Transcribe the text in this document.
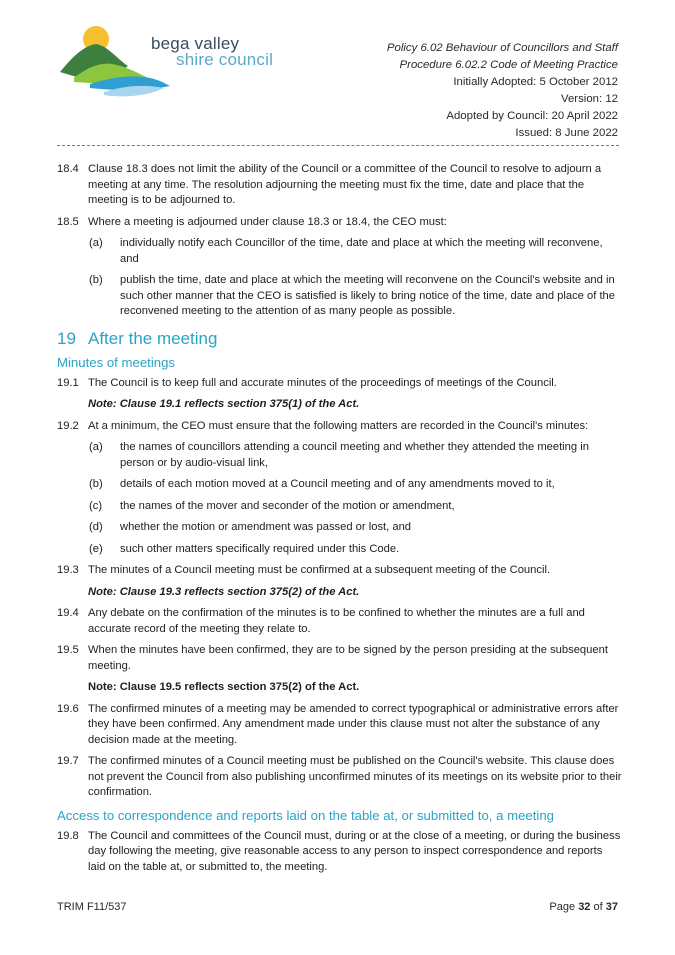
bega valley
shire council
Policy 6.02 Behaviour of Councillors and Staff
Procedure 6.02.2 Code of Meeting Practice
Initially Adopted: 5 October 2012
Version: 12
Adopted by Council: 20 April 2022
Issued: 8 June 2022
18.4 Clause 18.3 does not limit the ability of the Council or a committee of the Council to resolve to adjourn a meeting at any time. The resolution adjourning the meeting must fix the time, date and place that the meeting is to be adjourned to.
18.5 Where a meeting is adjourned under clause 18.3 or 18.4, the CEO must:
(a) individually notify each Councillor of the time, date and place at which the meeting will reconvene, and
(b) publish the time, date and place at which the meeting will reconvene on the Council's website and in such other manner that the CEO is satisfied is likely to bring notice of the time, date and place of the reconvened meeting to the attention of as many people as possible.
19 After the meeting
Minutes of meetings
19.1 The Council is to keep full and accurate minutes of the proceedings of meetings of the Council.
Note: Clause 19.1 reflects section 375(1) of the Act.
19.2 At a minimum, the CEO must ensure that the following matters are recorded in the Council's minutes:
(a) the names of councillors attending a council meeting and whether they attended the meeting in person or by audio-visual link,
(b) details of each motion moved at a Council meeting and of any amendments moved to it,
(c) the names of the mover and seconder of the motion or amendment,
(d) whether the motion or amendment was passed or lost, and
(e) such other matters specifically required under this Code.
19.3 The minutes of a Council meeting must be confirmed at a subsequent meeting of the Council.
Note: Clause 19.3 reflects section 375(2) of the Act.
19.4 Any debate on the confirmation of the minutes is to be confined to whether the minutes are a full and accurate record of the meeting they relate to.
19.5 When the minutes have been confirmed, they are to be signed by the person presiding at the subsequent meeting.
Note: Clause 19.5 reflects section 375(2) of the Act.
19.6 The confirmed minutes of a meeting may be amended to correct typographical or administrative errors after they have been confirmed. Any amendment made under this clause must not alter the substance of any decision made at the meeting.
19.7 The confirmed minutes of a Council meeting must be published on the Council's website. This clause does not prevent the Council from also publishing unconfirmed minutes of its meetings on its website prior to their confirmation.
Access to correspondence and reports laid on the table at, or submitted to, a meeting
19.8 The Council and committees of the Council must, during or at the close of a meeting, or during the business day following the meeting, give reasonable access to any person to inspect correspondence and reports laid on the table at, or submitted to, the meeting.
TRIM F11/537	Page 32 of 37
